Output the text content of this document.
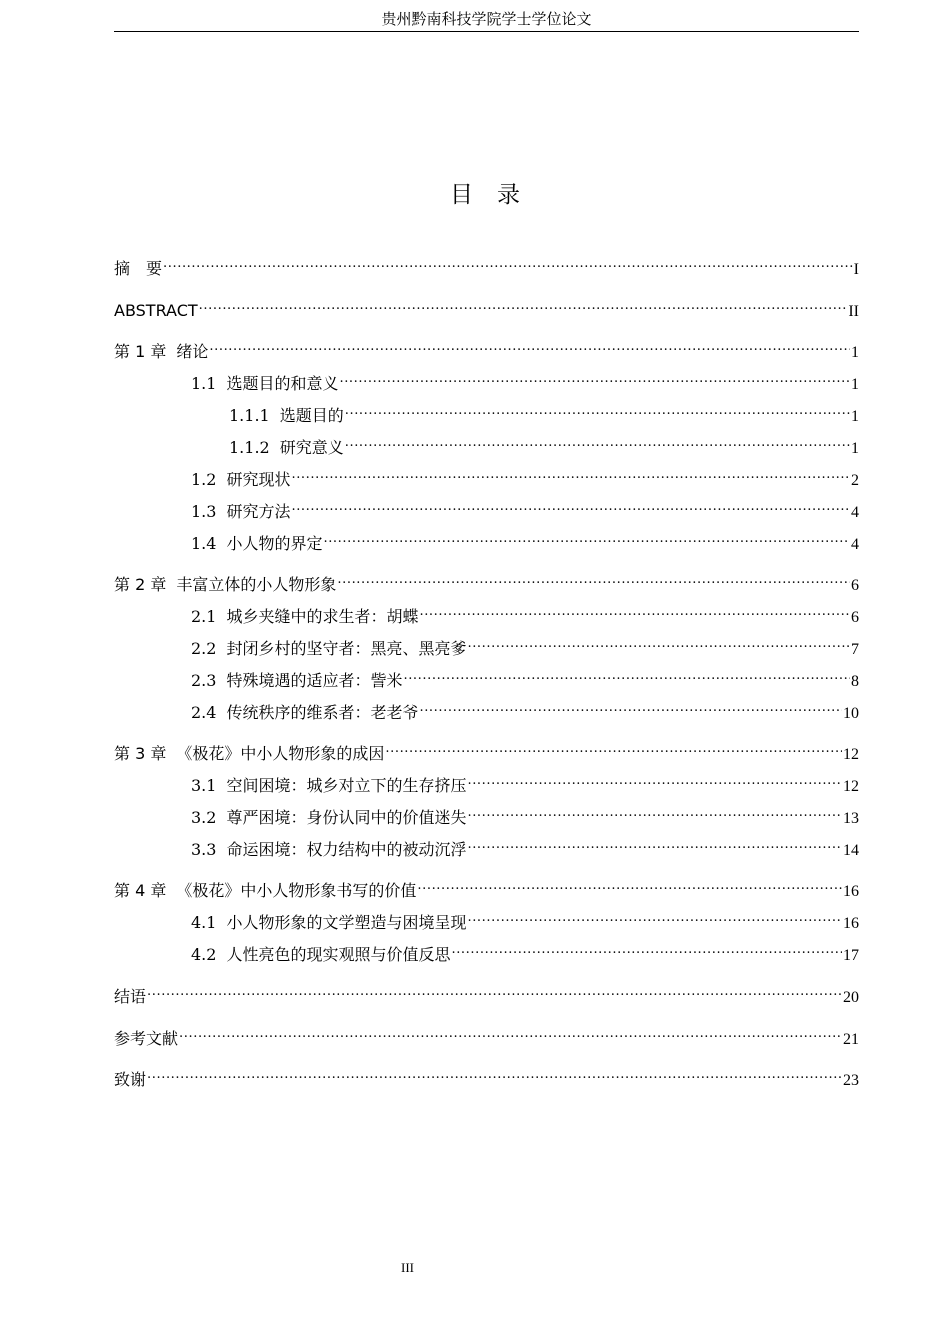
贵州黔南科技学院学士学位论文
目 录
摘　要 .....	I
ABSTRACT .....	II
第 1 章 绪论 .....	1
1.1 选题目的和意义 .....	1
1.1.1 选题目的 .....	1
1.1.2 研究意义 .....	1
1.2 研究现状 .....	2
1.3 研究方法 .....	4
1.4 小人物的界定 .....	4
第 2 章 丰富立体的小人物形象 .....	6
2.1 城乡夹缝中的求生者：胡蝶 .....	6
2.2 封闭乡村的坚守者：黑亮、黑亮爹 .....	7
2.3 特殊境遇的适应者：訾米 .....	8
2.4 传统秩序的维系者：老老爷 .....	10
第 3 章 《极花》中小人物形象的成因 .....	12
3.1 空间困境：城乡对立下的生存挤压 .....	12
3.2 尊严困境：身份认同中的价值迷失 .....	13
3.3 命运困境：权力结构中的被动沉浮 .....	14
第 4 章 《极花》中小人物形象书写的价值 .....	16
4.1 小人物形象的文学塑造与困境呈现 .....	16
4.2 人性亮色的现实观照与价值反思 .....	17
结语 .....	20
参考文献 .....	21
致谢 .....	23
III
